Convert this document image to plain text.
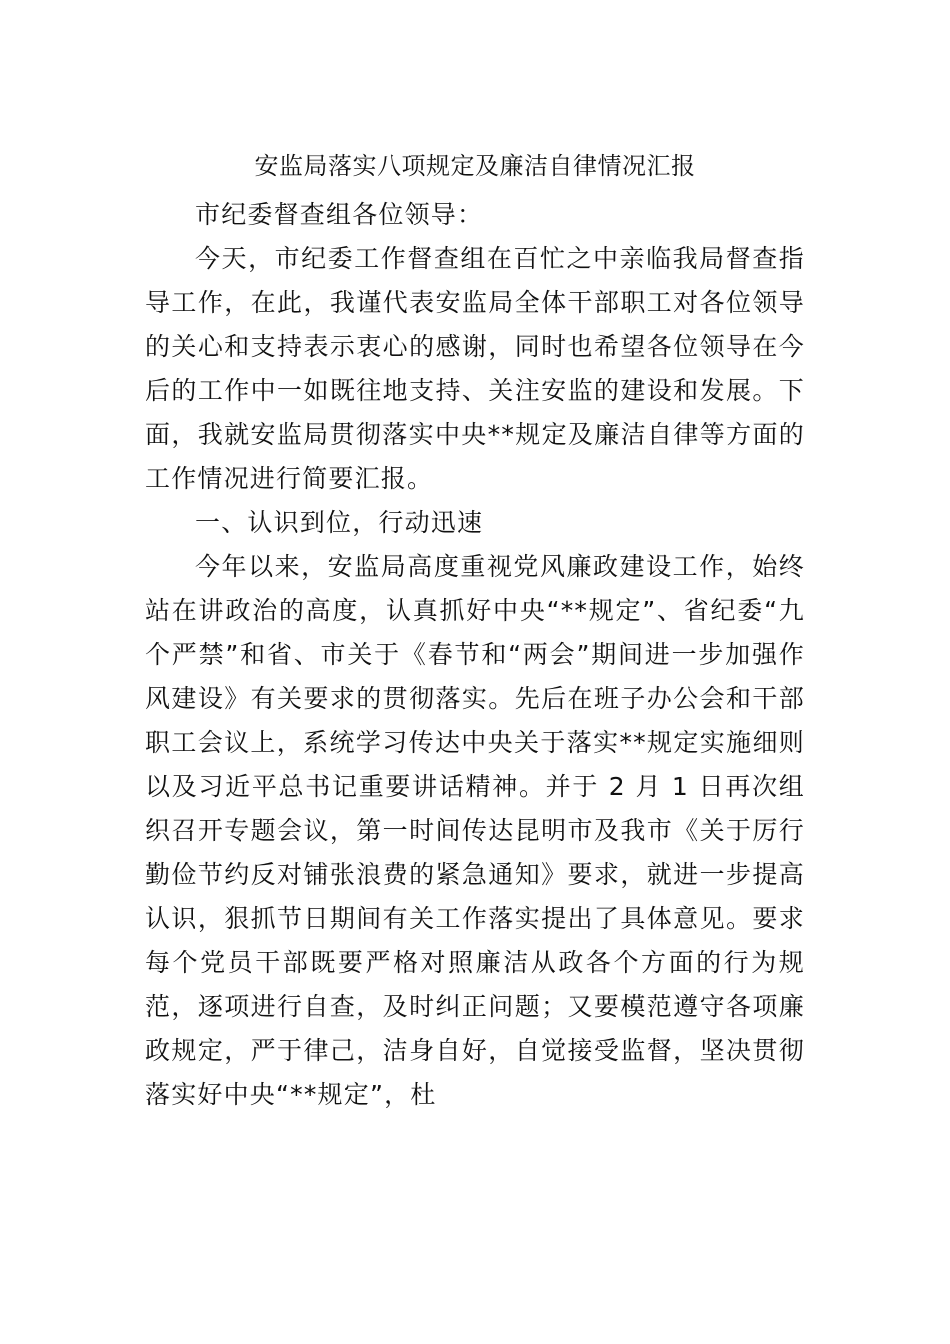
安监局落实八项规定及廉洁自律情况汇报

市纪委督查组各位领导：

今天，市纪委工作督查组在百忙之中亲临我局督查指导工作，在此，我谨代表安监局全体干部职工对各位领导的关心和支持表示衷心的感谢，同时也希望各位领导在今后的工作中一如既往地支持、关注安监的建设和发展。下面，我就安监局贯彻落实中央**规定及廉洁自律等方面的工作情况进行简要汇报。

一、认识到位，行动迅速

今年以来，安监局高度重视党风廉政建设工作，始终站在讲政治的高度，认真抓好中央“**规定”、省纪委“九个严禁”和省、市关于《春节和“两会”期间进一步加强作风建设》有关要求的贯彻落实。先后在班子办公会和干部职工会议上，系统学习传达中央关于落实**规定实施细则以及习近平总书记重要讲话精神。并于 2 月 1 日再次组织召开专题会议，第一时间传达昆明市及我市《关于厉行勤俭节约反对铺张浪费的紧急通知》要求，就进一步提高认识，狠抓节日期间有关工作落实提出了具体意见。要求每个党员干部既要严格对照廉洁从政各个方面的行为规范，逐项进行自查，及时纠正问题；又要模范遵守各项廉政规定，严于律己，洁身自好，自觉接受监督，坚决贯彻落实好中央“**规定”，杜
